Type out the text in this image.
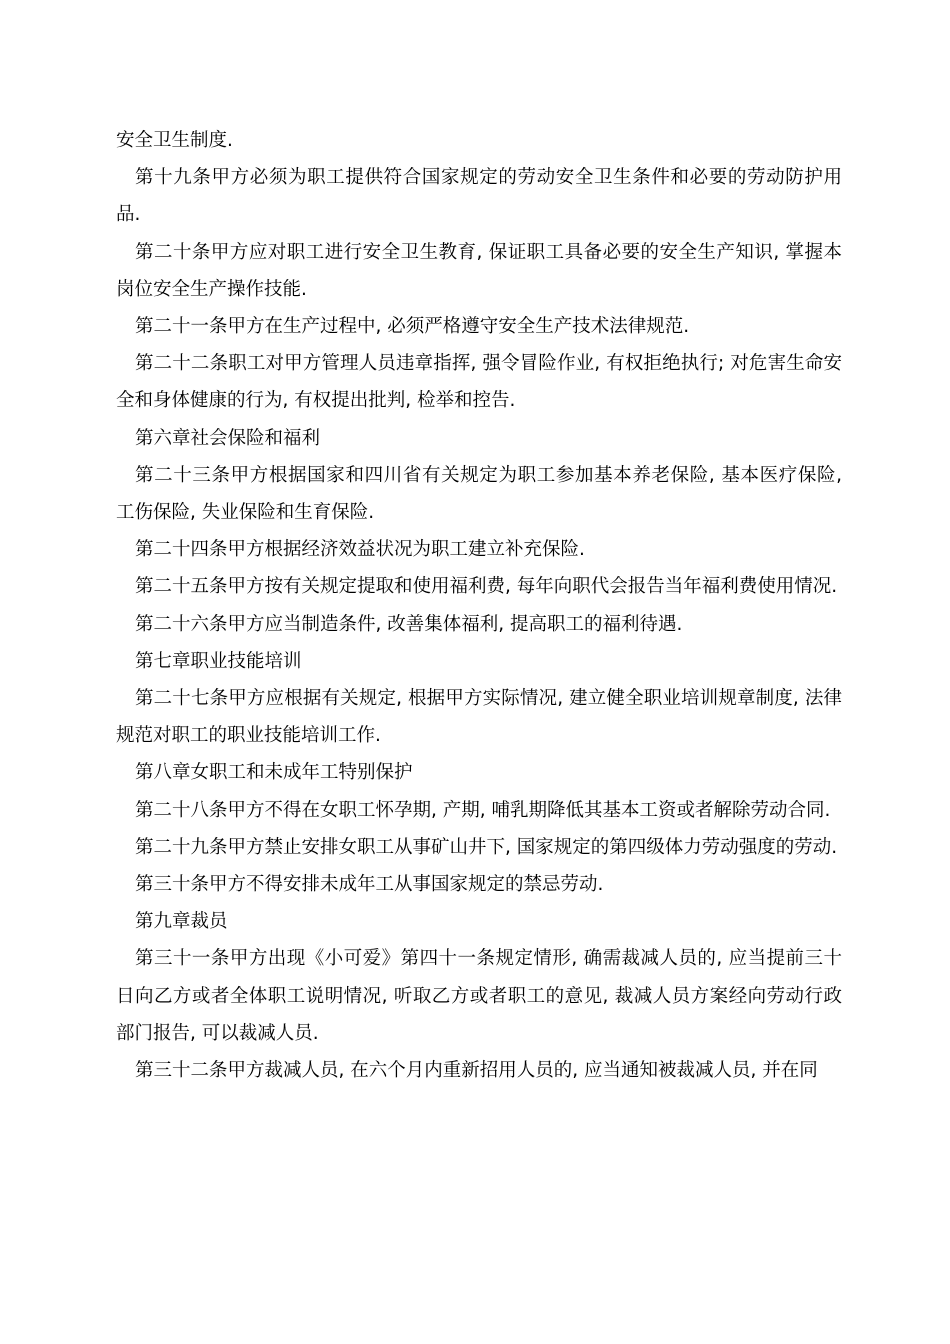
安全卫生制度.

第十九条甲方必须为职工提供符合国家规定的劳动安全卫生条件和必要的劳动防护用品.

第二十条甲方应对职工进行安全卫生教育, 保证职工具备必要的安全生产知识, 掌握本岗位安全生产操作技能.

第二十一条甲方在生产过程中, 必须严格遵守安全生产技术法律规范.

第二十二条职工对甲方管理人员违章指挥, 强令冒险作业, 有权拒绝执行; 对危害生命安全和身体健康的行为, 有权提出批判, 检举和控告.

第六章社会保险和福利

第二十三条甲方根据国家和四川省有关规定为职工参加基本养老保险, 基本医疗保险, 工伤保险, 失业保险和生育保险.

第二十四条甲方根据经济效益状况为职工建立补充保险.

第二十五条甲方按有关规定提取和使用福利费, 每年向职代会报告当年福利费使用情况.

第二十六条甲方应当制造条件, 改善集体福利, 提高职工的福利待遇.

第七章职业技能培训

第二十七条甲方应根据有关规定, 根据甲方实际情况, 建立健全职业培训规章制度, 法律规范对职工的职业技能培训工作.

第八章女职工和未成年工特别保护

第二十八条甲方不得在女职工怀孕期, 产期, 哺乳期降低其基本工资或者解除劳动合同.

第二十九条甲方禁止安排女职工从事矿山井下, 国家规定的第四级体力劳动强度的劳动.

第三十条甲方不得安排未成年工从事国家规定的禁忌劳动.

第九章裁员

第三十一条甲方出现《小可爱》第四十一条规定情形, 确需裁减人员的, 应当提前三十日向乙方或者全体职工说明情况, 听取乙方或者职工的意见, 裁减人员方案经向劳动行政部门报告, 可以裁减人员.

第三十二条甲方裁减人员, 在六个月内重新招用人员的, 应当通知被裁减人员, 并在同
